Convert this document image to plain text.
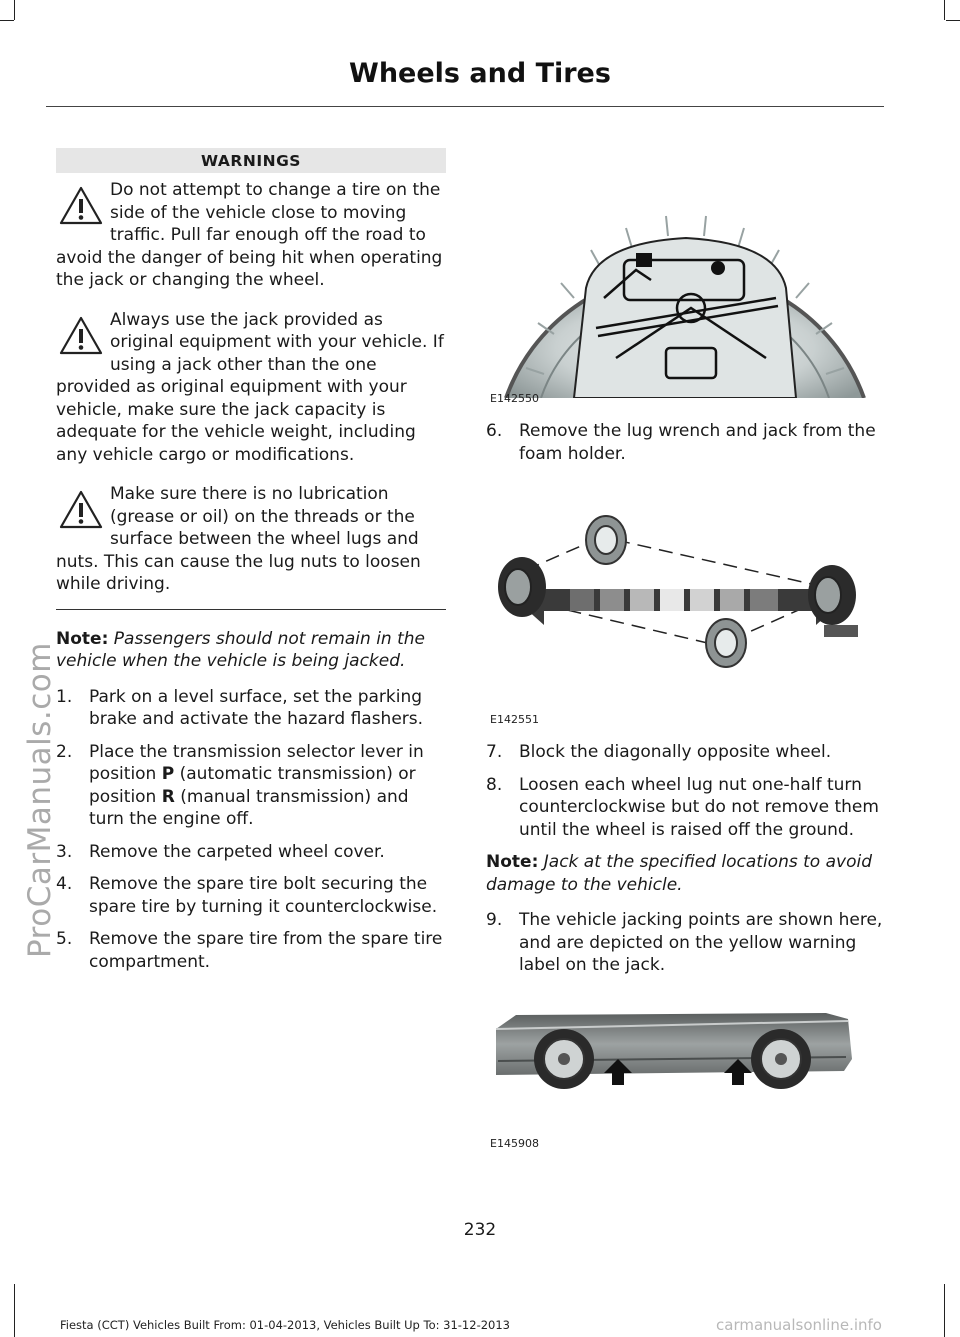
Wheels and Tires
WARNINGS
Do not attempt to change a tire on the side of the vehicle close to moving traffic. Pull far enough off the road to avoid the danger of being hit when operating the jack or changing the wheel.
Always use the jack provided as original equipment with your vehicle. If using a jack other than the one provided as original equipment with your vehicle, make sure the jack capacity is adequate for the vehicle weight, including any vehicle cargo or modifications.
Make sure there is no lubrication (grease or oil) on the threads or the surface between the wheel lugs and nuts. This can cause the lug nuts to loosen while driving.

Note: Passengers should not remain in the vehicle when the vehicle is being jacked.

1. Park on a level surface, set the parking brake and activate the hazard flashers.
2. Place the transmission selector lever in position P (automatic transmission) or position R (manual transmission) and turn the engine off.
3. Remove the carpeted wheel cover.
4. Remove the spare tire bolt securing the spare tire by turning it counterclockwise.
5. Remove the spare tire from the spare tire compartment.
E142550
6. Remove the lug wrench and jack from the foam holder.
E142551
7. Block the diagonally opposite wheel.
8. Loosen each wheel lug nut one-half turn counterclockwise but do not remove them until the wheel is raised off the ground.

Note: Jack at the specified locations to avoid damage to the vehicle.

9. The vehicle jacking points are shown here, and are depicted on the yellow warning label on the jack.
E145908
232
Fiesta (CCT) Vehicles Built From: 01-04-2013, Vehicles Built Up To: 31-12-2013
ProCarManuals.com
carmanualsonline.info
